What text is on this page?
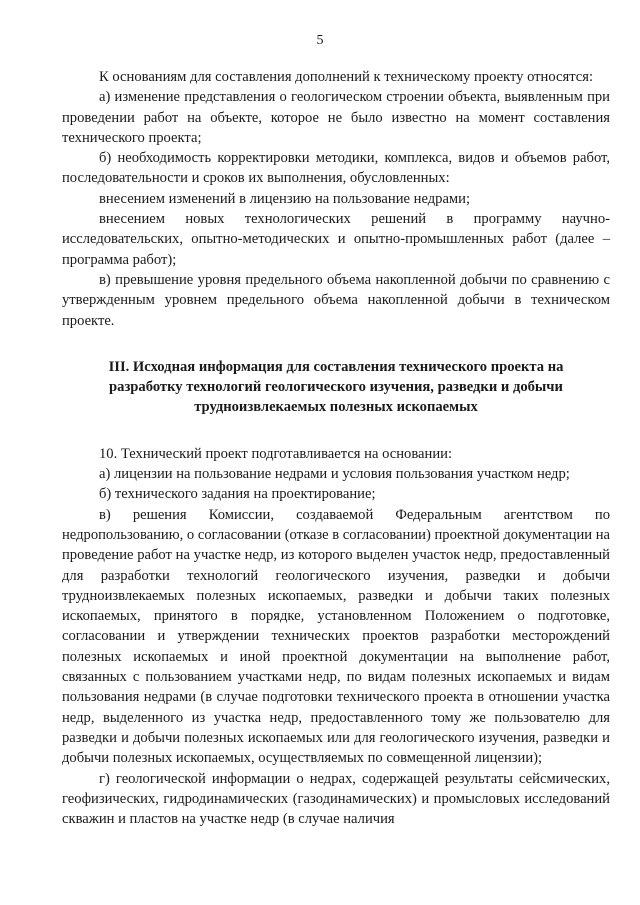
5

К основаниям для составления дополнений к техническому проекту относятся:

а) изменение представления о геологическом строении объекта, выявленным при проведении работ на объекте, которое не было известно на момент составления технического проекта;

б) необходимость корректировки методики, комплекса, видов и объемов работ, последовательности и сроков их выполнения, обусловленных:

внесением изменений в лицензию на пользование недрами;

внесением новых технологических решений в программу научно-исследовательских, опытно-методических и опытно-промышленных работ (далее – программа работ);

в) превышение уровня предельного объема накопленной добычи по сравнению с утвержденным уровнем предельного объема накопленной добычи в техническом проекте.

III. Исходная информация для составления технического проекта на разработку технологий геологического изучения, разведки и добычи трудноизвлекаемых полезных ископаемых

10. Технический проект подготавливается на основании:

а) лицензии на пользование недрами и условия пользования участком недр;

б) технического задания на проектирование;

в) решения Комиссии, создаваемой Федеральным агентством по недропользованию, о согласовании (отказе в согласовании) проектной документации на проведение работ на участке недр, из которого выделен участок недр, предоставленный для разработки технологий геологического изучения, разведки и добычи трудноизвлекаемых полезных ископаемых, разведки и добычи таких полезных ископаемых, принятого в порядке, установленном Положением о подготовке, согласовании и утверждении технических проектов разработки месторождений полезных ископаемых и иной проектной документации на выполнение работ, связанных с пользованием участками недр, по видам полезных ископаемых и видам пользования недрами (в случае подготовки технического проекта в отношении участка недр, выделенного из участка недр, предоставленного тому же пользователю для разведки и добычи полезных ископаемых или для геологического изучения, разведки и добычи полезных ископаемых, осуществляемых по совмещенной лицензии);

г) геологической информации о недрах, содержащей результаты сейсмических, геофизических, гидродинамических (газодинамических) и промысловых исследований скважин и пластов на участке недр (в случае наличия
